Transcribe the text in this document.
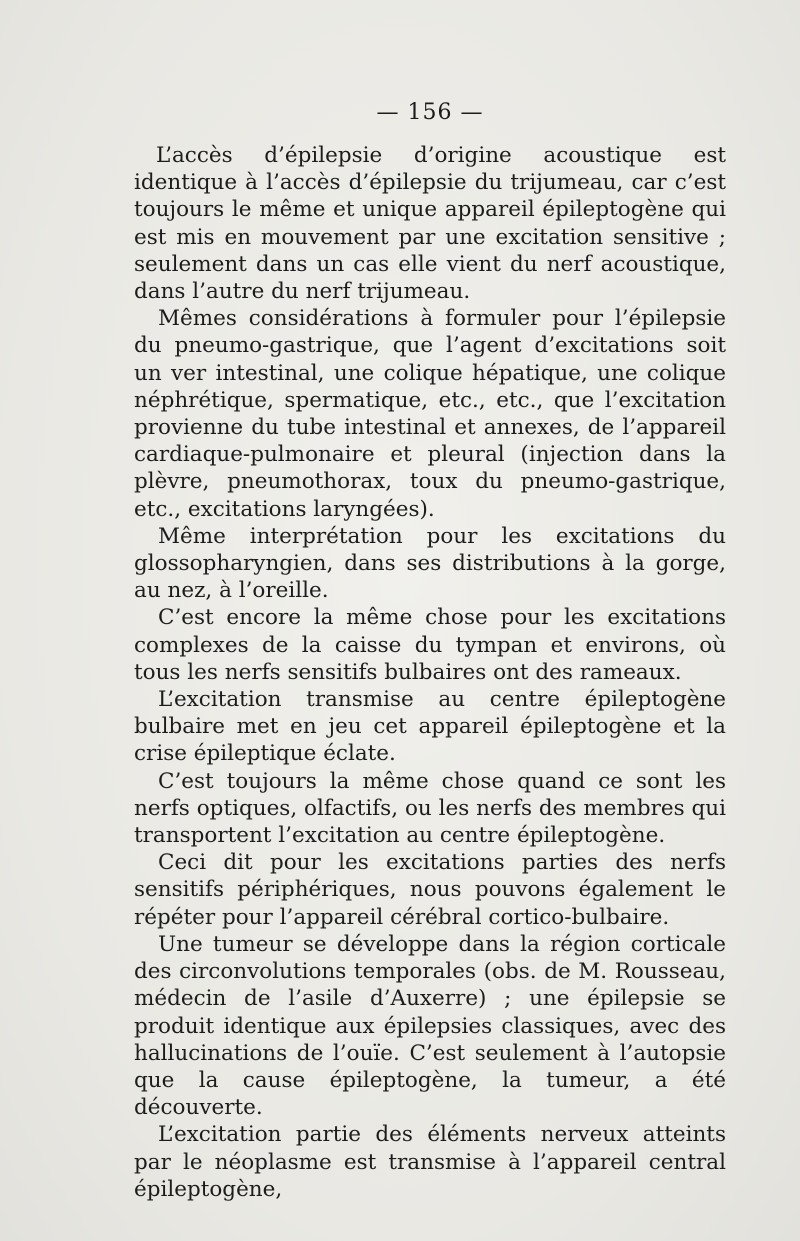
— 156 —

L’accès d’épilepsie d’origine acoustique est identique à l’accès d’épilepsie du trijumeau, car c’est toujours le même et unique appareil épileptogène qui est mis en mouvement par une excitation sensitive ; seulement dans un cas elle vient du nerf acoustique, dans l’autre du nerf trijumeau.

Mêmes considérations à formuler pour l’épilepsie du pneumo-gastrique, que l’agent d’excitations soit un ver intestinal, une colique hépatique, une colique néphrétique, spermatique, etc., etc., que l’excitation provienne du tube intestinal et annexes, de l’appareil cardiaque-pulmonaire et pleural (injection dans la plèvre, pneumothorax, toux du pneumo-gastrique, etc., excitations laryngées).

Même interprétation pour les excitations du glossopharyngien, dans ses distributions à la gorge, au nez, à l’oreille.

C’est encore la même chose pour les excitations complexes de la caisse du tympan et environs, où tous les nerfs sensitifs bulbaires ont des rameaux.

L’excitation transmise au centre épileptogène bulbaire met en jeu cet appareil épileptogène et la crise épileptique éclate.

C’est toujours la même chose quand ce sont les nerfs optiques, olfactifs, ou les nerfs des membres qui transportent l’excitation au centre épileptogène.

Ceci dit pour les excitations parties des nerfs sensitifs périphériques, nous pouvons également le répéter pour l’appareil cérébral cortico-bulbaire.

Une tumeur se développe dans la région corticale des circonvolutions temporales (obs. de M. Rousseau, médecin de l’asile d’Auxerre) ; une épilepsie se produit identique aux épilepsies classiques, avec des hallucinations de l’ouïe. C’est seulement à l’autopsie que la cause épileptogène, la tumeur, a été découverte.

L’excitation partie des éléments nerveux atteints par le néoplasme est transmise à l’appareil central épileptogène,
